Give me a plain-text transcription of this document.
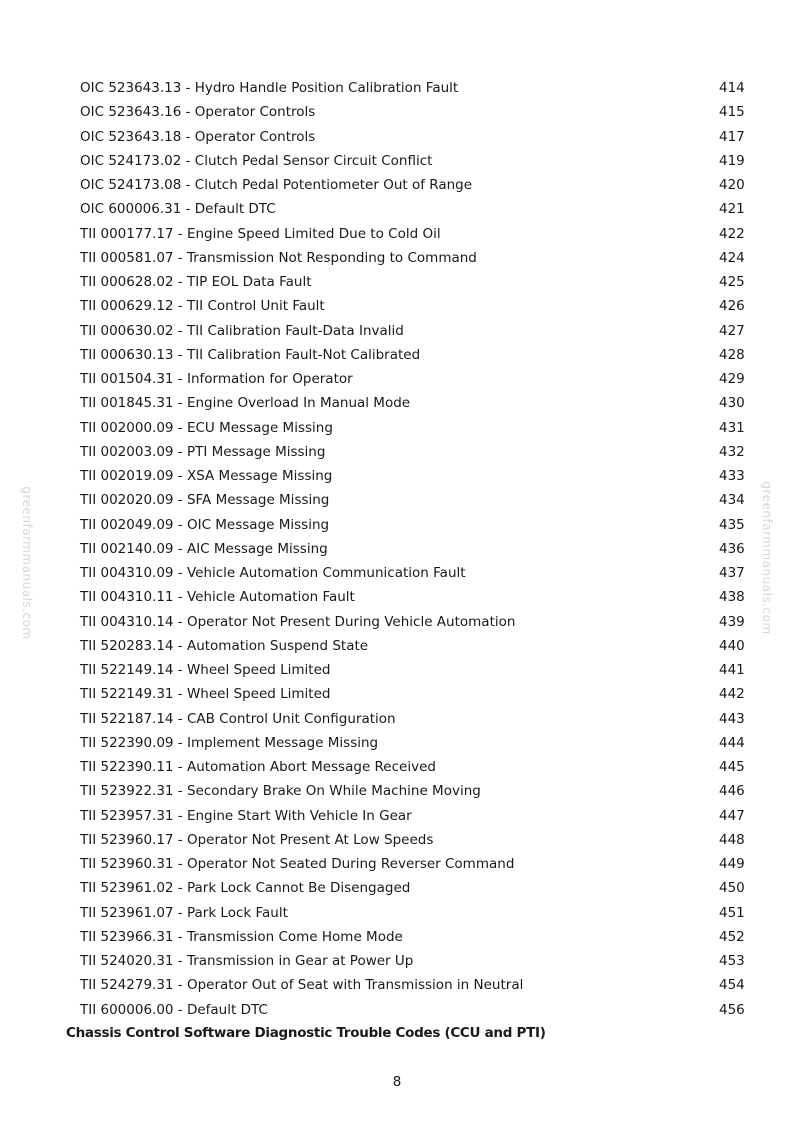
greenfarmmanuals.com	greenfarmmanuals.com
OIC 523643.13 - Hydro Handle Position Calibration Fault	414
OIC 523643.16 - Operator Controls	415
OIC 523643.18 - Operator Controls	417
OIC 524173.02 - Clutch Pedal Sensor Circuit Conflict	419
OIC 524173.08 - Clutch Pedal Potentiometer Out of Range	420
OIC 600006.31 - Default DTC	421
TII 000177.17 - Engine Speed Limited Due to Cold Oil	422
TII 000581.07 - Transmission Not Responding to Command	424
TII 000628.02 - TIP EOL Data Fault	425
TII 000629.12 - TII Control Unit Fault	426
TII 000630.02 - TII Calibration Fault-Data Invalid	427
TII 000630.13 - TII Calibration Fault-Not Calibrated	428
TII 001504.31 - Information for Operator	429
TII 001845.31 - Engine Overload In Manual Mode	430
TII 002000.09 - ECU Message Missing	431
TII 002003.09 - PTI Message Missing	432
TII 002019.09 - XSA Message Missing	433
TII 002020.09 - SFA Message Missing	434
TII 002049.09 - OIC Message Missing	435
TII 002140.09 - AIC Message Missing	436
TII 004310.09 - Vehicle Automation Communication Fault	437
TII 004310.11 - Vehicle Automation Fault	438
TII 004310.14 - Operator Not Present During Vehicle Automation	439
TII 520283.14 - Automation Suspend State	440
TII 522149.14 - Wheel Speed Limited	441
TII 522149.31 - Wheel Speed Limited	442
TII 522187.14 - CAB Control Unit Configuration	443
TII 522390.09 - Implement Message Missing	444
TII 522390.11 - Automation Abort Message Received	445
TII 523922.31 - Secondary Brake On While Machine Moving	446
TII 523957.31 - Engine Start With Vehicle In Gear	447
TII 523960.17 - Operator Not Present At Low Speeds	448
TII 523960.31 - Operator Not Seated During Reverser Command	449
TII 523961.02 - Park Lock Cannot Be Disengaged	450
TII 523961.07 - Park Lock Fault	451
TII 523966.31 - Transmission Come Home Mode	452
TII 524020.31 - Transmission in Gear at Power Up	453
TII 524279.31 - Operator Out of Seat with Transmission in Neutral	454
TII 600006.00 - Default DTC	456
Chassis Control Software Diagnostic Trouble Codes (CCU and PTI)
8
